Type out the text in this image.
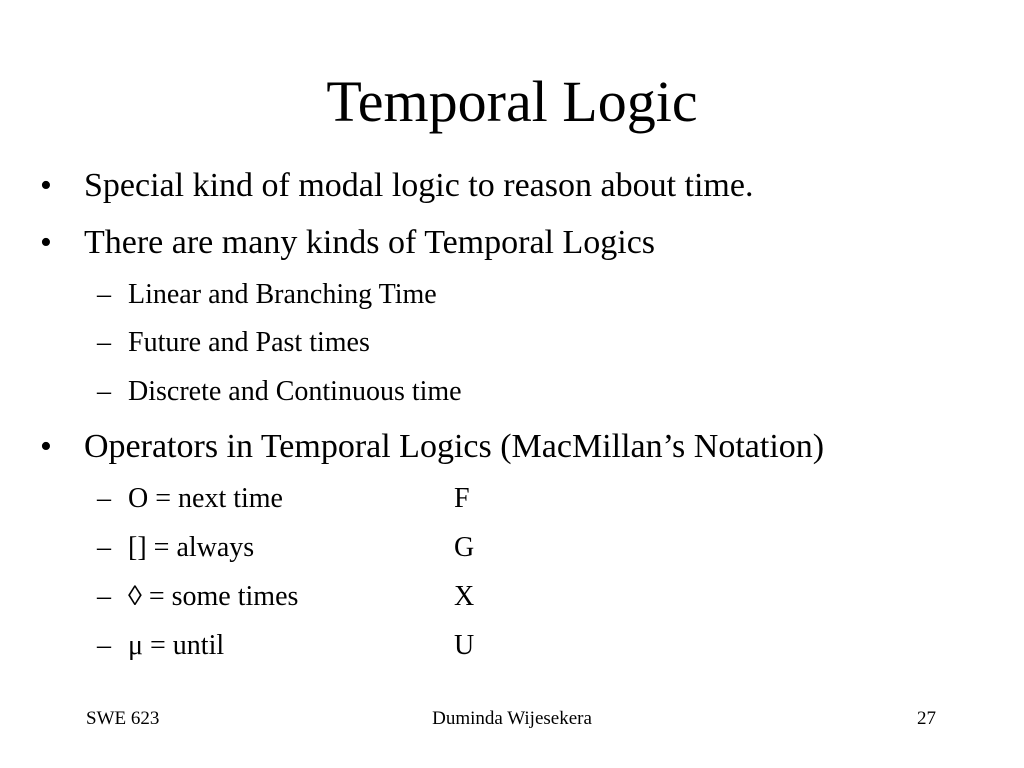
Temporal Logic
• Special kind of modal logic to reason about time.
• There are many kinds of Temporal Logics
– Linear and Branching Time
– Future and Past times
– Discrete and Continuous time
• Operators in Temporal Logics (MacMillan’s Notation)
– O = next time	F
– [] = always	G
– ◊ = some times	X
– μ = until	U
SWE 623	Duminda Wijesekera	27
